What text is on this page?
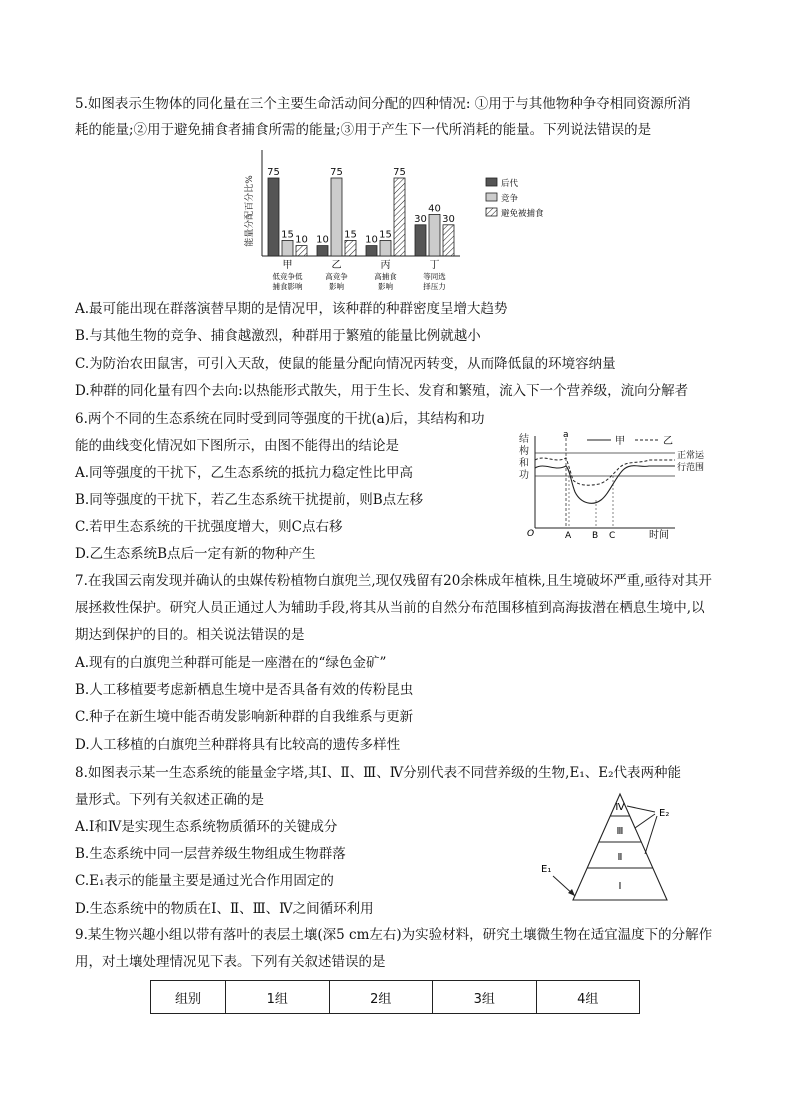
5.如图表示生物体的同化量在三个主要生命活动间分配的四种情况: ①用于与其他物种争夺相同资源所消
耗的能量;②用于避免捕食者捕食所需的能量;③用于产生下一代所消耗的能量。下列说法错误的是
能量分配百分比%
75
15 10 10
75
15 10 15
75
30
40
30
甲
低竞争低
捕食影响
乙
高竞争
影响
丙
高捕食
影响
丁
等同选
择压力
后代
竞争
避免被捕食
A.最可能出现在群落演替早期的是情况甲，该种群的种群密度呈增大趋势
B.与其他生物的竞争、捕食越激烈，种群用于繁殖的能量比例就越小
C.为防治农田鼠害，可引入天敌，使鼠的能量分配向情况丙转变，从而降低鼠的环境容纳量
D.种群的同化量有四个去向:以热能形式散失，用于生长、发育和繁殖，流入下一个营养级，流向分解者
6.两个不同的生态系统在同时受到同等强度的干扰(a)后，其结构和功
能的曲线变化情况如下图所示，由图不能得出的结论是
A.同等强度的干扰下，乙生态系统的抵抗力稳定性比甲高
B.同等强度的干扰下，若乙生态系统干扰提前，则B点左移
C.若甲生态系统的干扰强度增大，则C点右移
D.乙生态系统B点后一定有新的物种产生
结构 和功
a
甲	乙
正常运
行范围
O	A B C	时间
7.在我国云南发现并确认的虫媒传粉植物白旗兜兰,现仅残留有20余株成年植株,且生境破坏严重,亟待对其开展拯救性保护。研究人员正通过人为辅助手段,将其从当前的自然分布范围移植到高海拔潜在栖息生境中,以期达到保护的目的。相关说法错误的是
A.现有的白旗兜兰种群可能是一座潜在的“绿色金矿”
B.人工移植要考虑新栖息生境中是否具备有效的传粉昆虫
C.种子在新生境中能否萌发影响新种群的自我维系与更新
D.人工移植的白旗兜兰种群将具有比较高的遗传多样性
8.如图表示某一生态系统的能量金字塔,其Ⅰ、Ⅱ、Ⅲ、Ⅳ分别代表不同营养级的生物,E₁、E₂代表两种能
量形式。下列有关叙述正确的是
A.Ⅰ和Ⅳ是实现生态系统物质循环的关键成分
B.生态系统中同一层营养级生物组成生物群落
C.E₁表示的能量主要是通过光合作用固定的
D.生态系统中的物质在Ⅰ、Ⅱ、Ⅲ、Ⅳ之间循环利用
Ⅳ
Ⅲ
Ⅱ
Ⅰ
E₁
E₂
9.某生物兴趣小组以带有落叶的表层土壤(深5 cm左右)为实验材料，研究土壤微生物在适宜温度下的分解作用，对土壤处理情况见下表。下列有关叙述错误的是
组别	1组	2组	3组	4组
